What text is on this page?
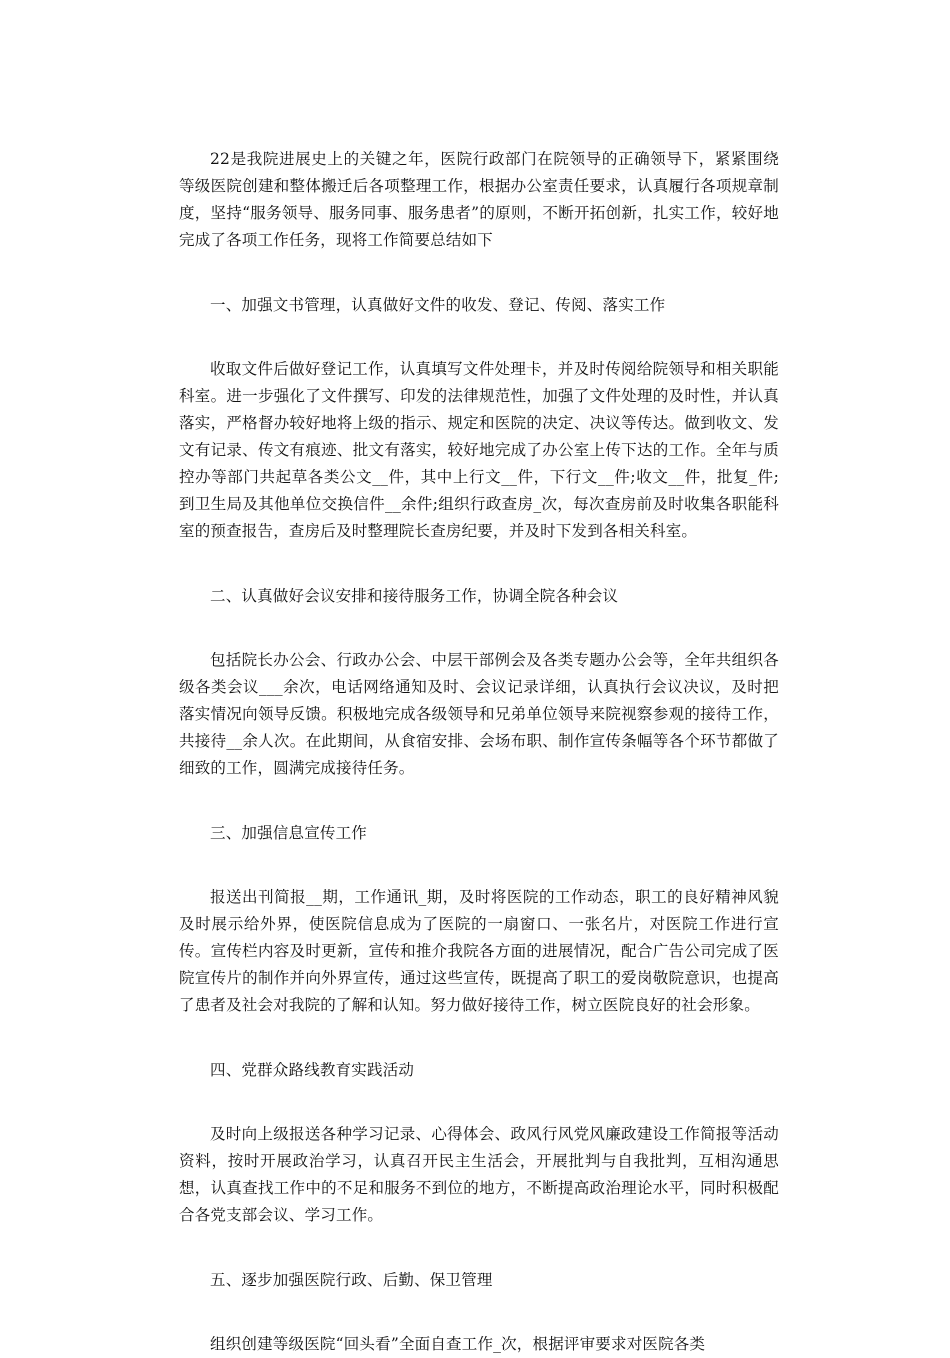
22是我院进展史上的关键之年，医院行政部门在院领导的正确领导下，紧紧围绕等级医院创建和整体搬迁后各项整理工作，根据办公室责任要求，认真履行各项规章制度，坚持“服务领导、服务同事、服务患者”的原则，不断开拓创新，扎实工作，较好地完成了各项工作任务，现将工作简要总结如下

一、加强文书管理，认真做好文件的收发、登记、传阅、落实工作

收取文件后做好登记工作，认真填写文件处理卡，并及时传阅给院领导和相关职能科室。进一步强化了文件撰写、印发的法律规范性，加强了文件处理的及时性，并认真落实，严格督办较好地将上级的指示、规定和医院的决定、决议等传达。做到收文、发文有记录、传文有痕迹、批文有落实，较好地完成了办公室上传下达的工作。全年与质控办等部门共起草各类公文__件，其中上行文__件，下行文__件;收文__件，批复_件;到卫生局及其他单位交换信件__余件;组织行政查房_次，每次查房前及时收集各职能科室的预查报告，查房后及时整理院长查房纪要，并及时下发到各相关科室。

二、认真做好会议安排和接待服务工作，协调全院各种会议

包括院长办公会、行政办公会、中层干部例会及各类专题办公会等，全年共组织各级各类会议___余次，电话网络通知及时、会议记录详细，认真执行会议决议，及时把落实情况向领导反馈。积极地完成各级领导和兄弟单位领导来院视察参观的接待工作，共接待__余人次。在此期间，从食宿安排、会场布职、制作宣传条幅等各个环节都做了细致的工作，圆满完成接待任务。

三、加强信息宣传工作

报送出刊简报__期，工作通讯_期，及时将医院的工作动态，职工的良好精神风貌及时展示给外界，使医院信息成为了医院的一扇窗口、一张名片，对医院工作进行宣传。宣传栏内容及时更新，宣传和推介我院各方面的进展情况，配合广告公司完成了医院宣传片的制作并向外界宣传，通过这些宣传，既提高了职工的爱岗敬院意识，也提高了患者及社会对我院的了解和认知。努力做好接待工作，树立医院良好的社会形象。

四、党群众路线教育实践活动

及时向上级报送各种学习记录、心得体会、政风行风党风廉政建设工作简报等活动资料，按时开展政治学习，认真召开民主生活会，开展批判与自我批判，互相沟通思想，认真查找工作中的不足和服务不到位的地方，不断提高政治理论水平，同时积极配合各党支部会议、学习工作。

五、逐步加强医院行政、后勤、保卫管理

组织创建等级医院“回头看”全面自查工作_次，根据评审要求对医院各类
